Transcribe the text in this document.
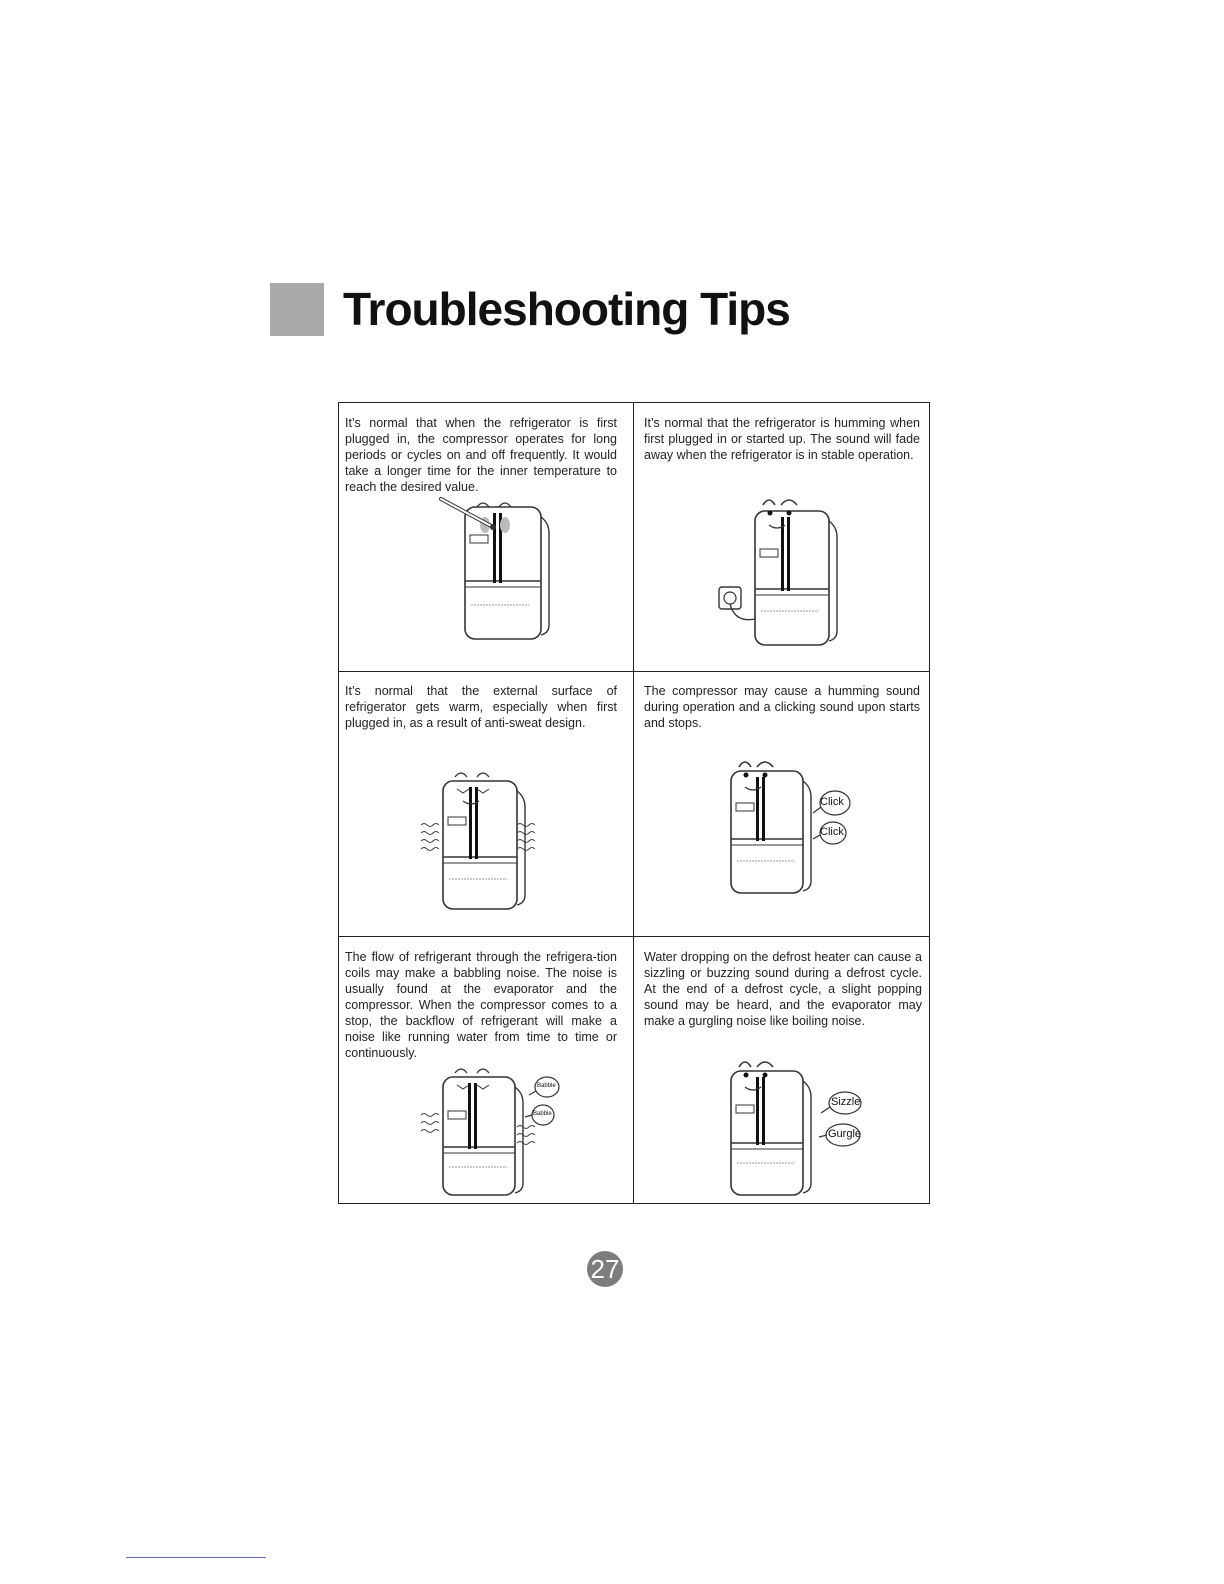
Troubleshooting Tips

It’s normal that when the refrigerator is first plugged in, the compressor operates for long periods or cycles on and off frequently. It would take a longer time for the inner temperature to reach the desired value.

It’s normal that the refrigerator is humming when first plugged in or started up. The sound will fade away when the refrigerator is in stable operation.

It’s normal that the external surface of refrigerator gets warm, especially when first plugged in, as a result of anti-sweat design.

The compressor may cause a humming sound during operation and a clicking sound upon starts and stops.

Click
Click

The flow of refrigerant through the refrigera-tion coils may make a babbling noise. The noise is usually found at the evaporator and the compressor. When the compressor comes to a stop, the backflow of refrigerant will make a noise like running water from time to time or continuously.

Babble
Babble

Water dropping on the defrost heater can cause a sizzling or buzzing sound during a defrost cycle. At the end of a defrost cycle, a slight popping sound may be heard, and the evaporator may make a gurgling noise like boiling noise.

Sizzle
Gurgle
27
